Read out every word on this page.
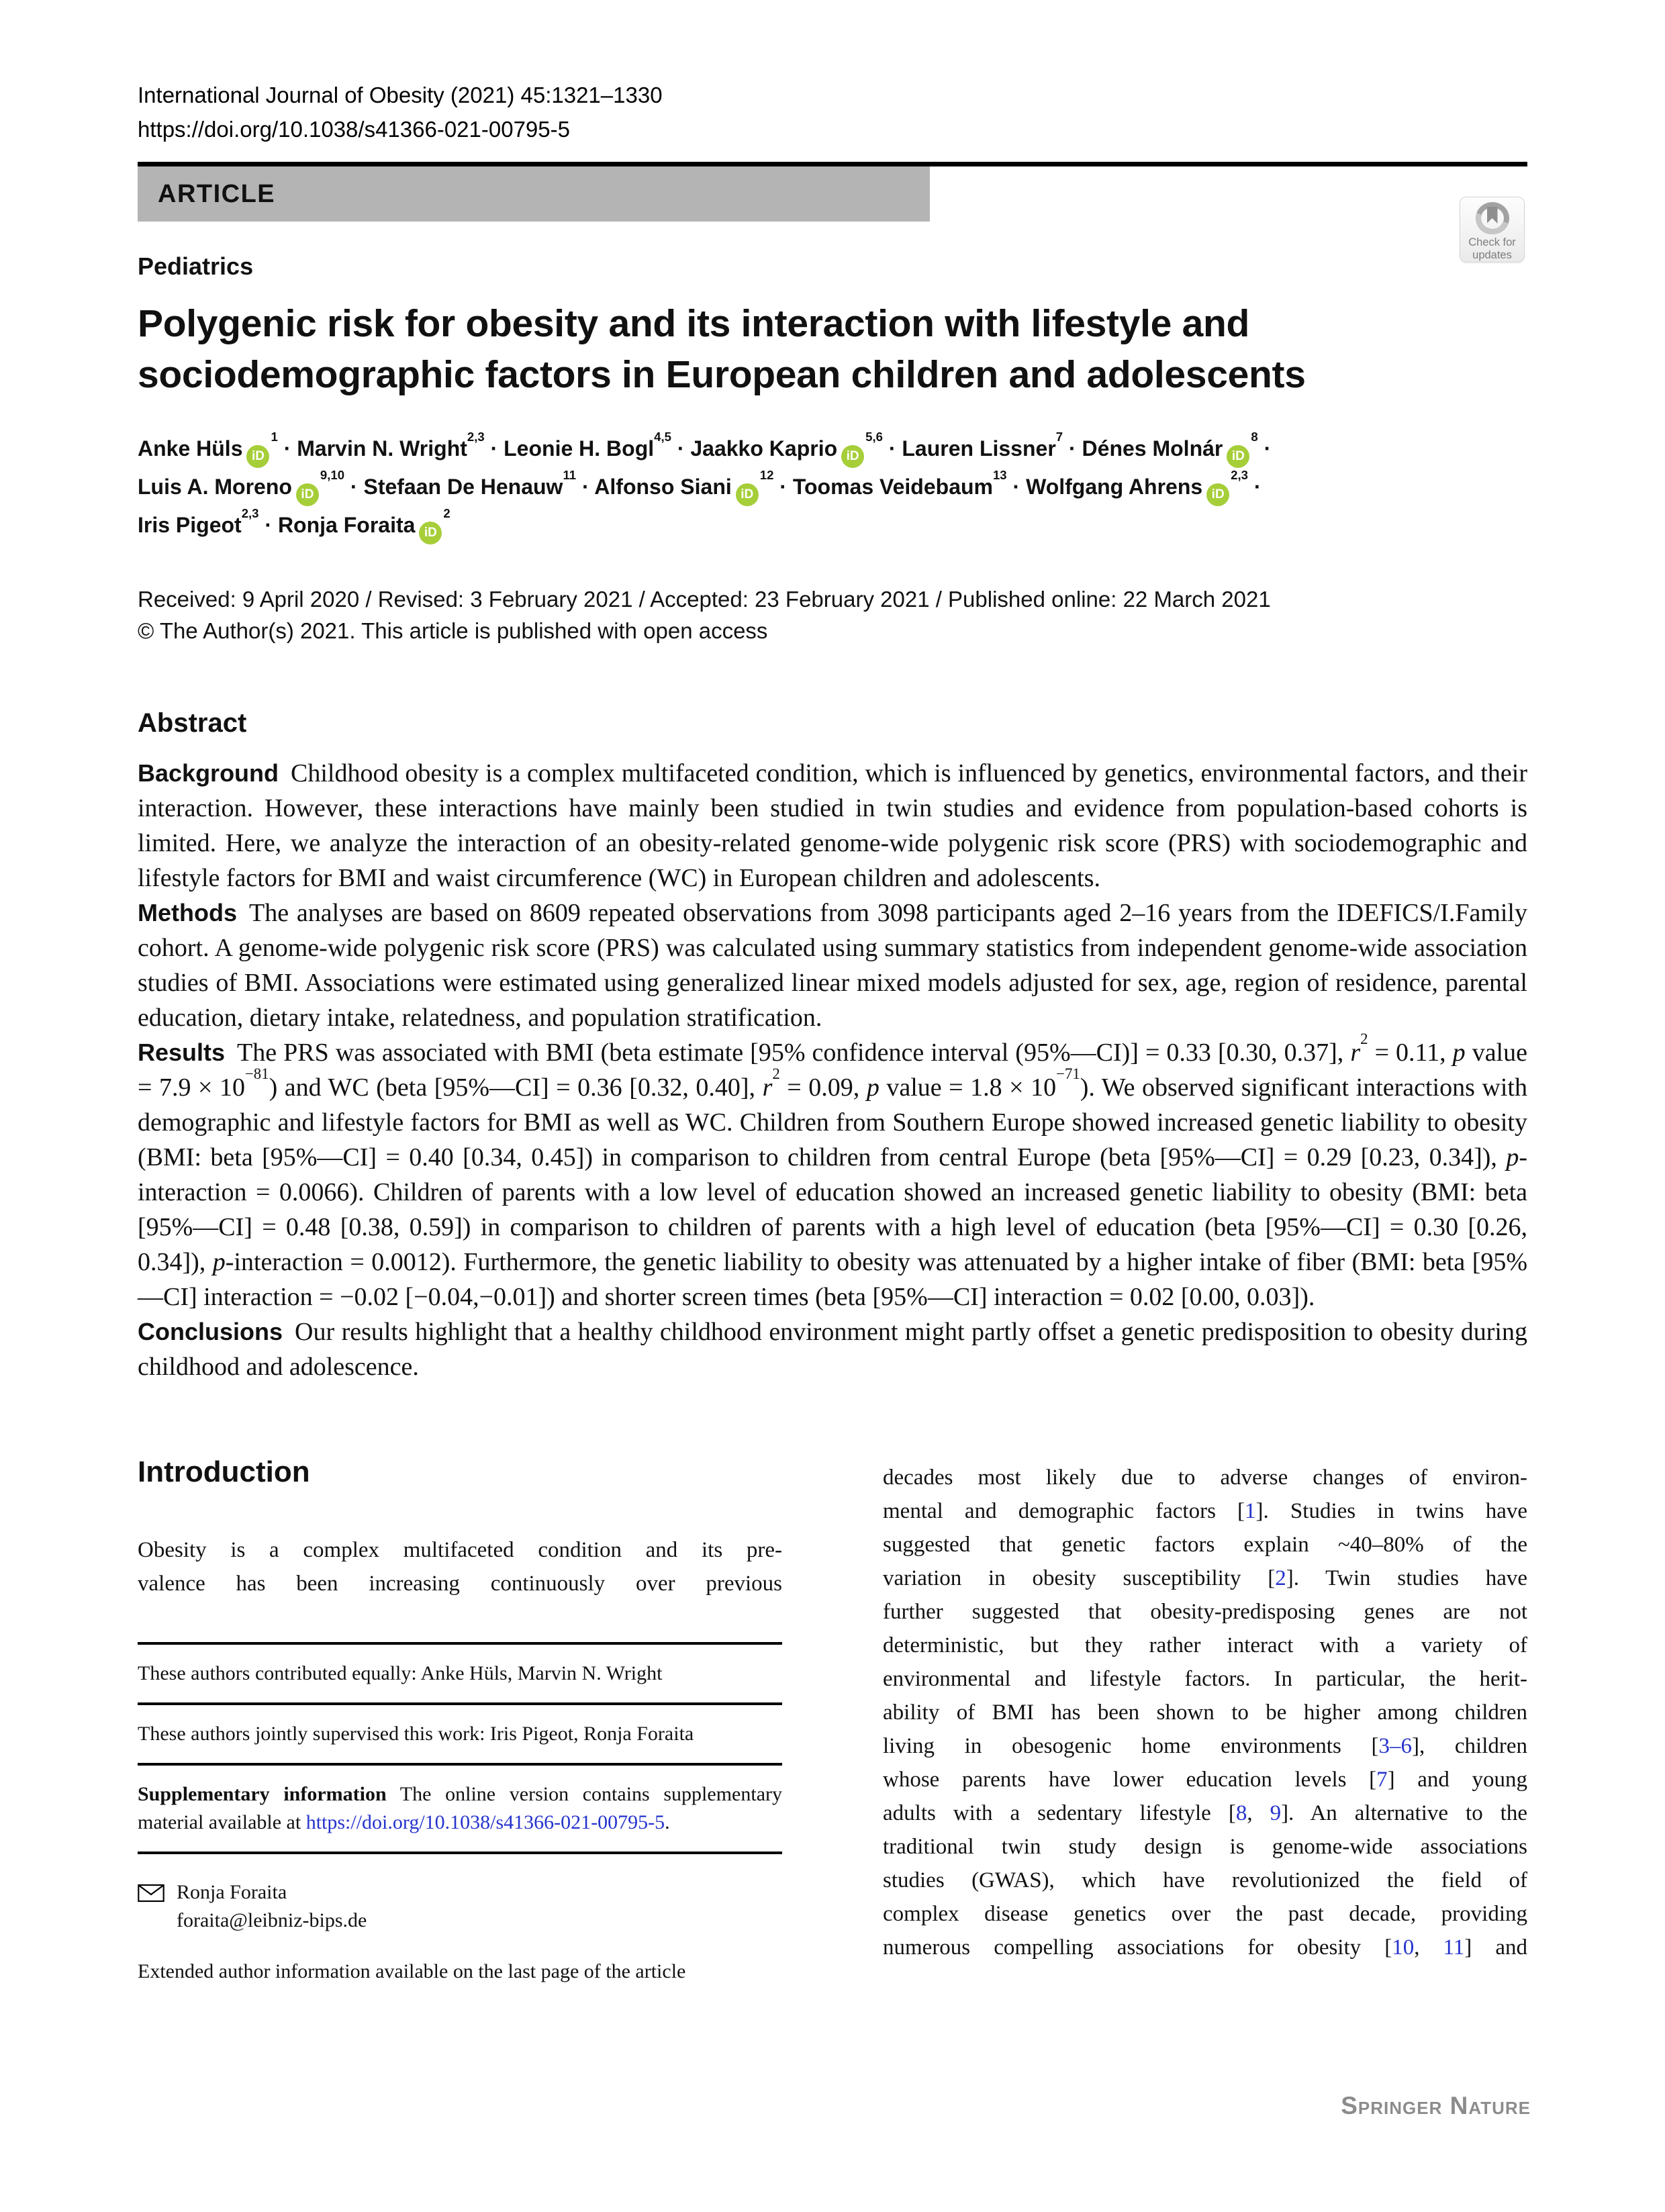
International Journal of Obesity (2021) 45:1321–1330
https://doi.org/10.1038/s41366-021-00795-5
ARTICLE
Pediatrics
Polygenic risk for obesity and its interaction with lifestyle and
sociodemographic factors in European children and adolescents
Anke Hüls $iD^1$ · Marvin N. Wright$^{2,3}$ · Leonie H. Bogl$^{4,5}$ · Jaakko Kaprio iD$^{5,6}$ · Lauren Lissner$^7$ · Dénes Molnár $iD^8$ ·
Luis A. Moreno iD$^{9,10}$ · Stefaan De Henauw$^{11}$ · Alfonso Siani $iD^{12}$ · Toomas Veidebaum$^{13}$ · Wolfgang Ahrens iD$^{2,3}$ ·
Iris Pigeot$^{2,3}$ · Ronja Foraita $iD^2$
Received: 9 April 2020 / Revised: 3 February 2021 / Accepted: 23 February 2021 / Published online: 22 March 2021
© The Author(s) 2021. This article is published with open access
Abstract

Background Childhood obesity is a complex multifaceted condition, which is influenced by genetics, environmental factors, and their interaction. However, these interactions have mainly been studied in twin studies and evidence from population-based cohorts is limited. Here, we analyze the interaction of an obesity-related genome-wide polygenic risk score (PRS) with sociodemographic and lifestyle factors for BMI and waist circumference (WC) in European children and adolescents.

Methods The analyses are based on 8609 repeated observations from 3098 participants aged 2–16 years from the IDEFICS/I.Family cohort. A genome-wide polygenic risk score (PRS) was calculated using summary statistics from independent genome-wide association studies of BMI. Associations were estimated using generalized linear mixed models adjusted for sex, age, region of residence, parental education, dietary intake, relatedness, and population stratification.

Results The PRS was associated with BMI (beta estimate [95% confidence interval (95%—CI)] = 0.33 [0.30, 0.37], $r^2 = 0.11$, p value = $7.9 \times 10^{-81}$) and WC (beta [95%—CI] = 0.36 [0.32, 0.40], $r^2 = 0.09$, p value = $1.8 \times 10^{-71}$). We observed significant interactions with demographic and lifestyle factors for BMI as well as WC. Children from Southern Europe showed increased genetic liability to obesity (BMI: beta [95%—CI] = 0.40 [0.34, 0.45]) in comparison to children from central Europe (beta [95%—CI] = 0.29 [0.23, 0.34]), p-interaction = 0.0066). Children of parents with a low level of education showed an increased genetic liability to obesity (BMI: beta [95%—CI] = 0.48 [0.38, 0.59]) in comparison to children of parents with a high level of education (beta [95%—CI] = 0.30 [0.26, 0.34]), p-interaction = 0.0012). Furthermore, the genetic liability to obesity was attenuated by a higher intake of fiber (BMI: beta [95%—CI] interaction = −0.02 [−0.04,−0.01]) and shorter screen times (beta [95%—CI] interaction = 0.02 [0.00, 0.03]).

Conclusions Our results highlight that a healthy childhood environment might partly offset a genetic predisposition to obesity during childhood and adolescence.

Introduction

Obesity is a complex multifaceted condition and its pre-
valence has been increasing continuously over previous

These authors contributed equally: Anke Hüls, Marvin N. Wright

These authors jointly supervised this work: Iris Pigeot, Ronja Foraita

Supplementary information The online version contains supplementary material available at https://doi.org/10.1038/s41366-021-00795-5.

Ronja Foraita
foraita@leibniz-bips.de

Extended author information available on the last page of the article

decades most likely due to adverse changes of environ-
mental and demographic factors [1]. Studies in twins have
suggested that genetic factors explain ~40–80% of the
variation in obesity susceptibility [2]. Twin studies have
further suggested that obesity-predisposing genes are not
deterministic, but they rather interact with a variety of
environmental and lifestyle factors. In particular, the herit-
ability of BMI has been shown to be higher among children
living in obesogenic home environments [3–6], children
whose parents have lower education levels [7] and young
adults with a sedentary lifestyle [8, 9]. An alternative to the
traditional twin study design is genome-wide associations
studies (GWAS), which have revolutionized the field of
complex disease genetics over the past decade, providing
numerous compelling associations for obesity [10, 11] and

Check for updates
Springer Nature
